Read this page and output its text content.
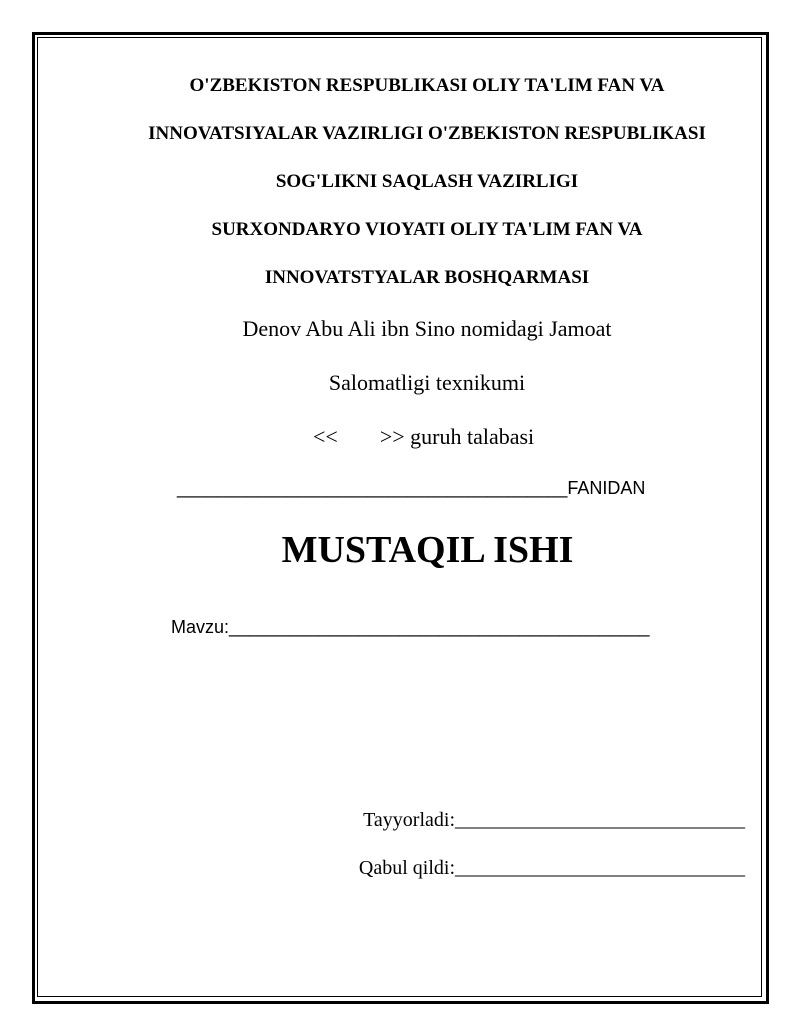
O'ZBEKISTON RESPUBLIKASI OLIY TA'LIM FAN VA
INNOVATSIYALAR VAZIRLIGI O'ZBEKISTON RESPUBLIKASI
SOG'LIKNI SAQLASH VAZIRLIGI
SURXONDARYO VIOYATI OLIY TA'LIM FAN VA
INNOVATSTYALAR BOSHQARMASI
Denov Abu Ali ibn Sino nomidagi Jamoat
Salomatligi texnikumi
<< >> guruh talabasi
_______________________________________FANIDAN
MUSTAQIL ISHI
Mavzu:__________________________________________
Tayyorladi:_____________________________
Qabul qildi:_____________________________
